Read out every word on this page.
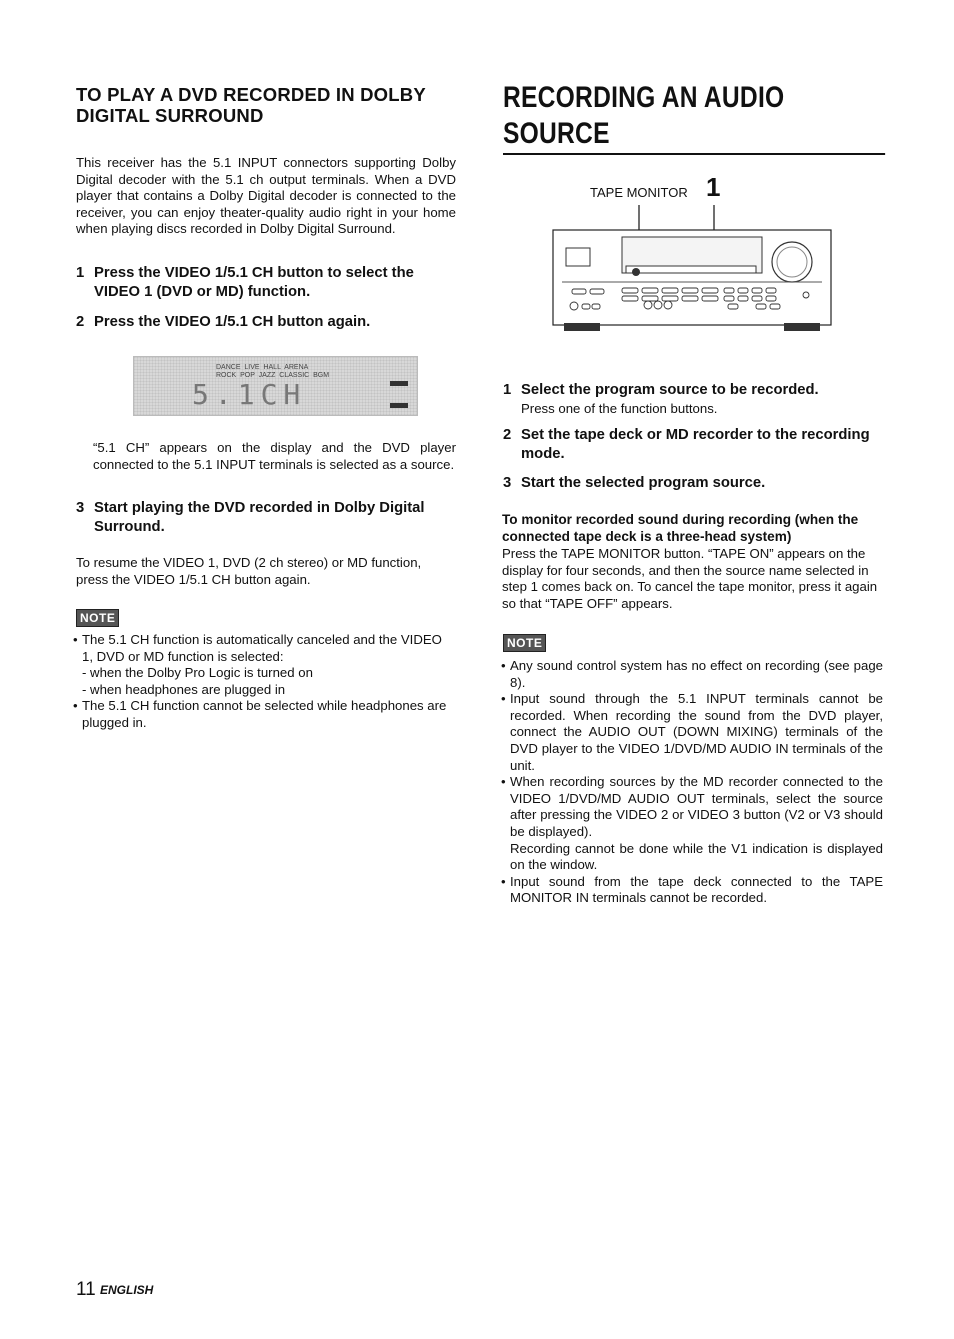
TO PLAY A DVD RECORDED IN DOLBY DIGITAL SURROUND
This receiver has the 5.1 INPUT connectors supporting Dolby Digital decoder with the 5.1 ch output terminals. When a DVD player that contains a Dolby Digital decoder is connected to the receiver, you can enjoy theater-quality audio right in your home when playing discs recorded in Dolby Digital Surround.
1 Press the VIDEO 1/5.1 CH button to select the VIDEO 1 (DVD or MD) function.
2 Press the VIDEO 1/5.1 CH button again.
DANCE  LIVE  HALL  ARENA
ROCK  POP  JAZZ  CLASSIC  BGM
5.1CH
“5.1 CH” appears on the display and the DVD player connected to the 5.1 INPUT terminals is selected as a source.
3 Start playing the DVD recorded in Dolby Digital Surround.
To resume the VIDEO 1, DVD (2 ch stereo) or MD function, press the VIDEO 1/5.1 CH button again.
NOTE
• The 5.1 CH function is automatically canceled and the VIDEO 1, DVD or MD function is selected:
- when the Dolby Pro Logic is turned on
- when headphones are plugged in
• The 5.1 CH function cannot be selected while headphones are plugged in.
RECORDING AN AUDIO SOURCE
TAPE MONITOR 1
1 Select the program source to be recorded.
Press one of the function buttons.
2 Set the tape deck or MD recorder to the recording mode.
3 Start the selected program source.
To monitor recorded sound during recording (when the connected tape deck is a three-head system)
Press the TAPE MONITOR button. “TAPE ON” appears on the display for four seconds, and then the source name selected in step 1 comes back on. To cancel the tape monitor, press it again so that “TAPE OFF” appears.
NOTE
• Any sound control system has no effect on recording (see page 8).
• Input sound through the 5.1 INPUT terminals cannot be recorded. When recording the sound from the DVD player, connect the AUDIO OUT (DOWN MIXING) terminals of the DVD player to the VIDEO 1/DVD/MD AUDIO IN terminals of the unit.
• When recording sources by the MD recorder connected to the VIDEO 1/DVD/MD AUDIO OUT terminals, select the source after pressing the VIDEO 2 or VIDEO 3 button (V2 or V3 should be displayed).
Recording cannot be done while the V1 indication is displayed on the window.
• Input sound from the tape deck connected to the TAPE MONITOR IN terminals cannot be recorded.
11 ENGLISH
